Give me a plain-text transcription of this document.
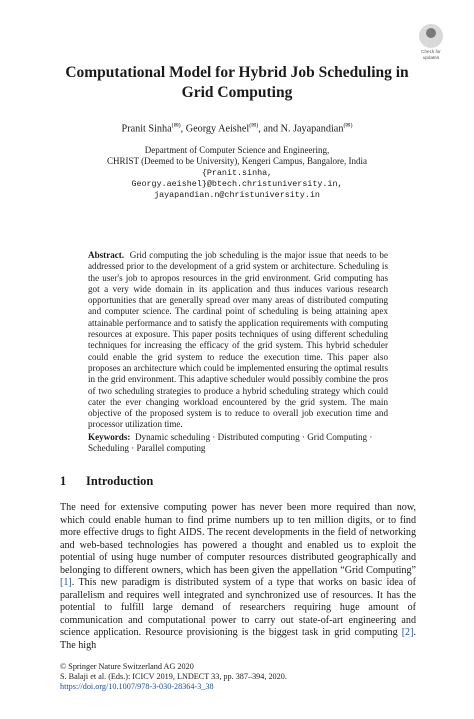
Check for
updates
Computational Model for Hybrid Job Scheduling in Grid Computing
Pranit Sinha(✉), Georgy Aeishel(✉), and N. Jayapandian(✉)
Department of Computer Science and Engineering,
CHRIST (Deemed to be University), Kengeri Campus, Bangalore, India
{Pranit.sinha,
Georgy.aeishel}@btech.christuniversity.in,
jayapandian.n@christuniversity.in
Abstract. Grid computing the job scheduling is the major issue that needs to be addressed prior to the development of a grid system or architecture. Scheduling is the user's job to apropos resources in the grid environment. Grid computing has got a very wide domain in its application and thus induces various research opportunities that are generally spread over many areas of distributed computing and computer science. The cardinal point of scheduling is being attaining apex attainable performance and to satisfy the application requirements with computing resources at exposure. This paper posits techniques of using different scheduling techniques for increasing the efficacy of the grid system. This hybrid scheduler could enable the grid system to reduce the execution time. This paper also proposes an architecture which could be implemented ensuring the optimal results in the grid environment. This adaptive scheduler would possibly combine the pros of two scheduling strategies to produce a hybrid scheduling strategy which could cater the ever changing workload encountered by the grid system. The main objective of the proposed system is to reduce to overall job execution time and processor utilization time.
Keywords: Dynamic scheduling · Distributed computing · Grid Computing · Scheduling · Parallel computing
1 Introduction
The need for extensive computing power has never been more required than now, which could enable human to find prime numbers up to ten million digits, or to find more effective drugs to fight AIDS. The recent developments in the field of networking and web-based technologies has powered a thought and enabled us to exploit the potential of using huge number of computer resources distributed geographically and belonging to different owners, which has been given the appellation “Grid Computing” [1]. This new paradigm is distributed system of a type that works on basic idea of parallelism and requires well integrated and synchronized use of resources. It has the potential to fulfill large demand of researchers requiring huge amount of communication and computational power to carry out state-of-art engineering and science application. Resource provisioning is the biggest task in grid computing [2]. The high
© Springer Nature Switzerland AG 2020
S. Balaji et al. (Eds.): ICICV 2019, LNDECT 33, pp. 387–394, 2020.
https://doi.org/10.1007/978-3-030-28364-3_38
